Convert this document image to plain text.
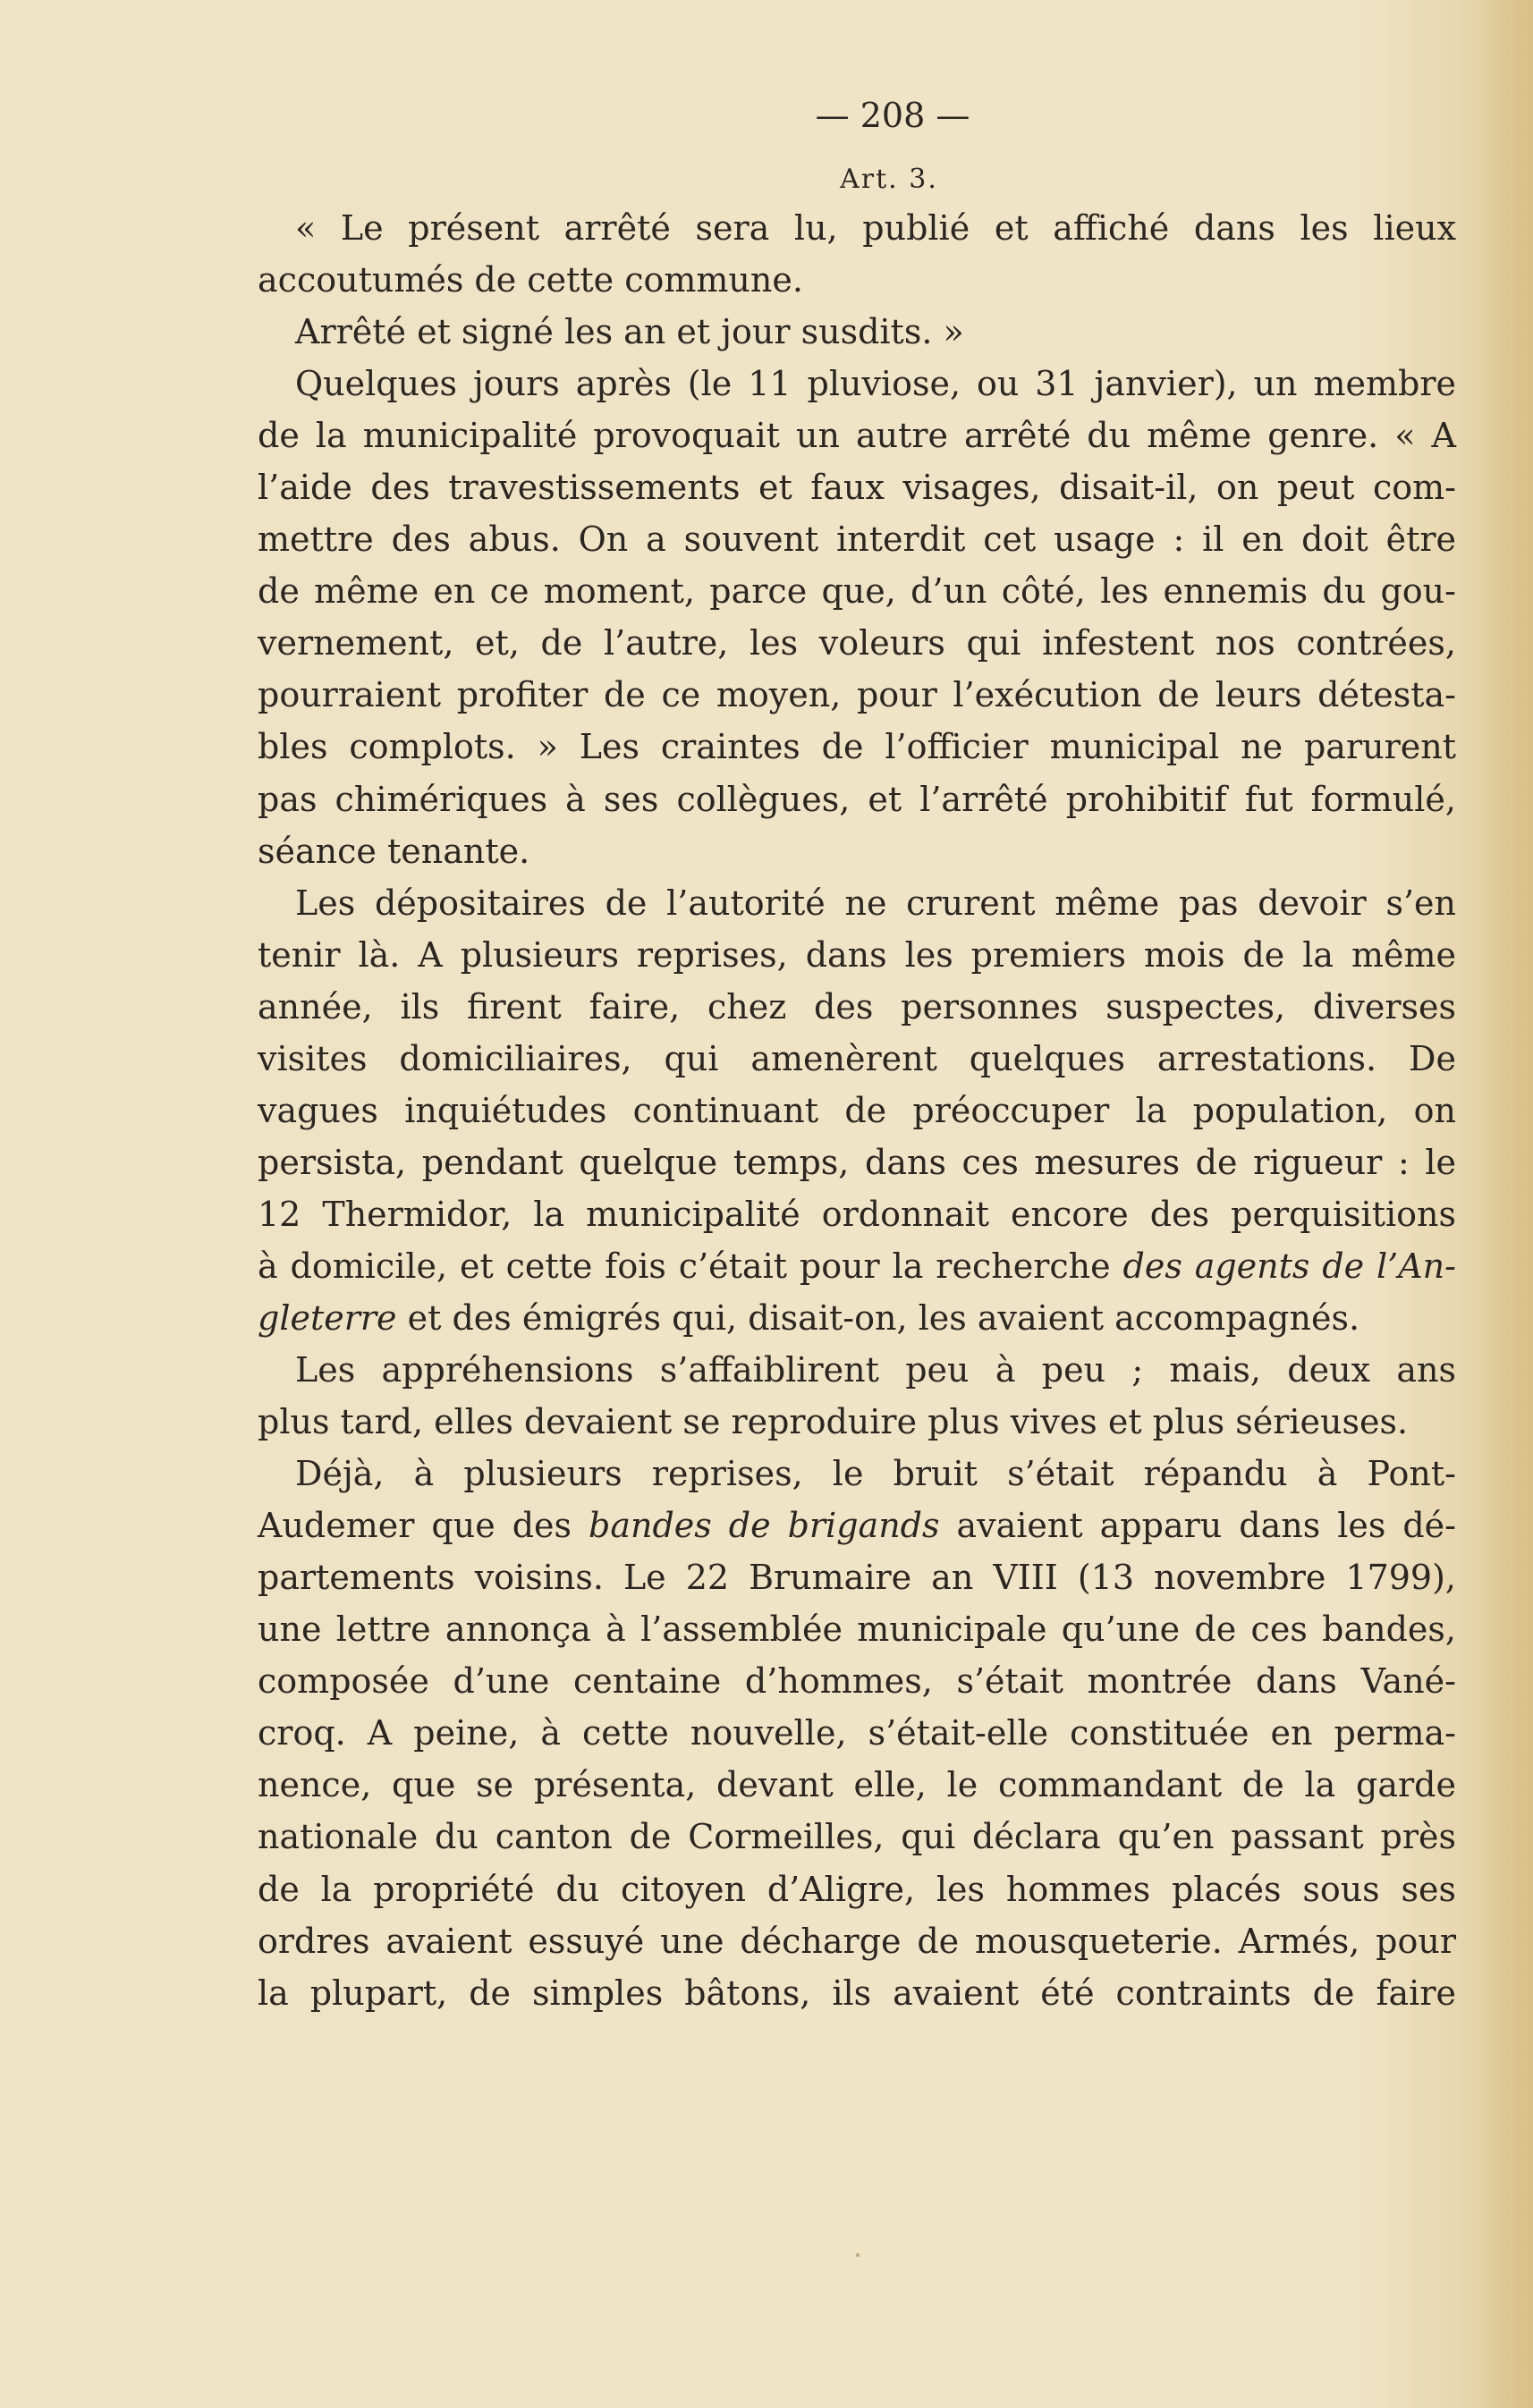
— 208 —
Art. 3.
« Le présent arrêté sera lu, publié et affiché dans les lieux
accoutumés de cette commune.
Arrêté et signé les an et jour susdits. »
Quelques jours après (le 11 pluviose, ou 31 janvier), un membre
de la municipalité provoquait un autre arrêté du même genre. « A
l’aide des travestissements et faux visages, disait-il, on peut com-
mettre des abus. On a souvent interdit cet usage : il en doit être
de même en ce moment, parce que, d’un côté, les ennemis du gou-
vernement, et, de l’autre, les voleurs qui infestent nos contrées,
pourraient profiter de ce moyen, pour l’exécution de leurs détesta-
bles complots. » Les craintes de l’officier municipal ne parurent
pas chimériques à ses collègues, et l’arrêté prohibitif fut formulé,
séance tenante.
Les dépositaires de l’autorité ne crurent même pas devoir s’en
tenir là. A plusieurs reprises, dans les premiers mois de la même
année, ils firent faire, chez des personnes suspectes, diverses
visites domiciliaires, qui amenèrent quelques arrestations. De
vagues inquiétudes continuant de préoccuper la population, on
persista, pendant quelque temps, dans ces mesures de rigueur : le
12 Thermidor, la municipalité ordonnait encore des perquisitions
à domicile, et cette fois c’était pour la recherche des agents de l’An-
gleterre et des émigrés qui, disait-on, les avaient accompagnés.
Les appréhensions s’affaiblirent peu à peu ; mais, deux ans
plus tard, elles devaient se reproduire plus vives et plus sérieuses.
Déjà, à plusieurs reprises, le bruit s’était répandu à Pont-
Audemer que des bandes de brigands avaient apparu dans les dé-
partements voisins. Le 22 Brumaire an VIII (13 novembre 1799),
une lettre annonça à l’assemblée municipale qu’une de ces bandes,
composée d’une centaine d’hommes, s’était montrée dans Vané-
croq. A peine, à cette nouvelle, s’était-elle constituée en perma-
nence, que se présenta, devant elle, le commandant de la garde
nationale du canton de Cormeilles, qui déclara qu’en passant près
de la propriété du citoyen d’Aligre, les hommes placés sous ses
ordres avaient essuyé une décharge de mousqueterie. Armés, pour
la plupart, de simples bâtons, ils avaient été contraints de faire
